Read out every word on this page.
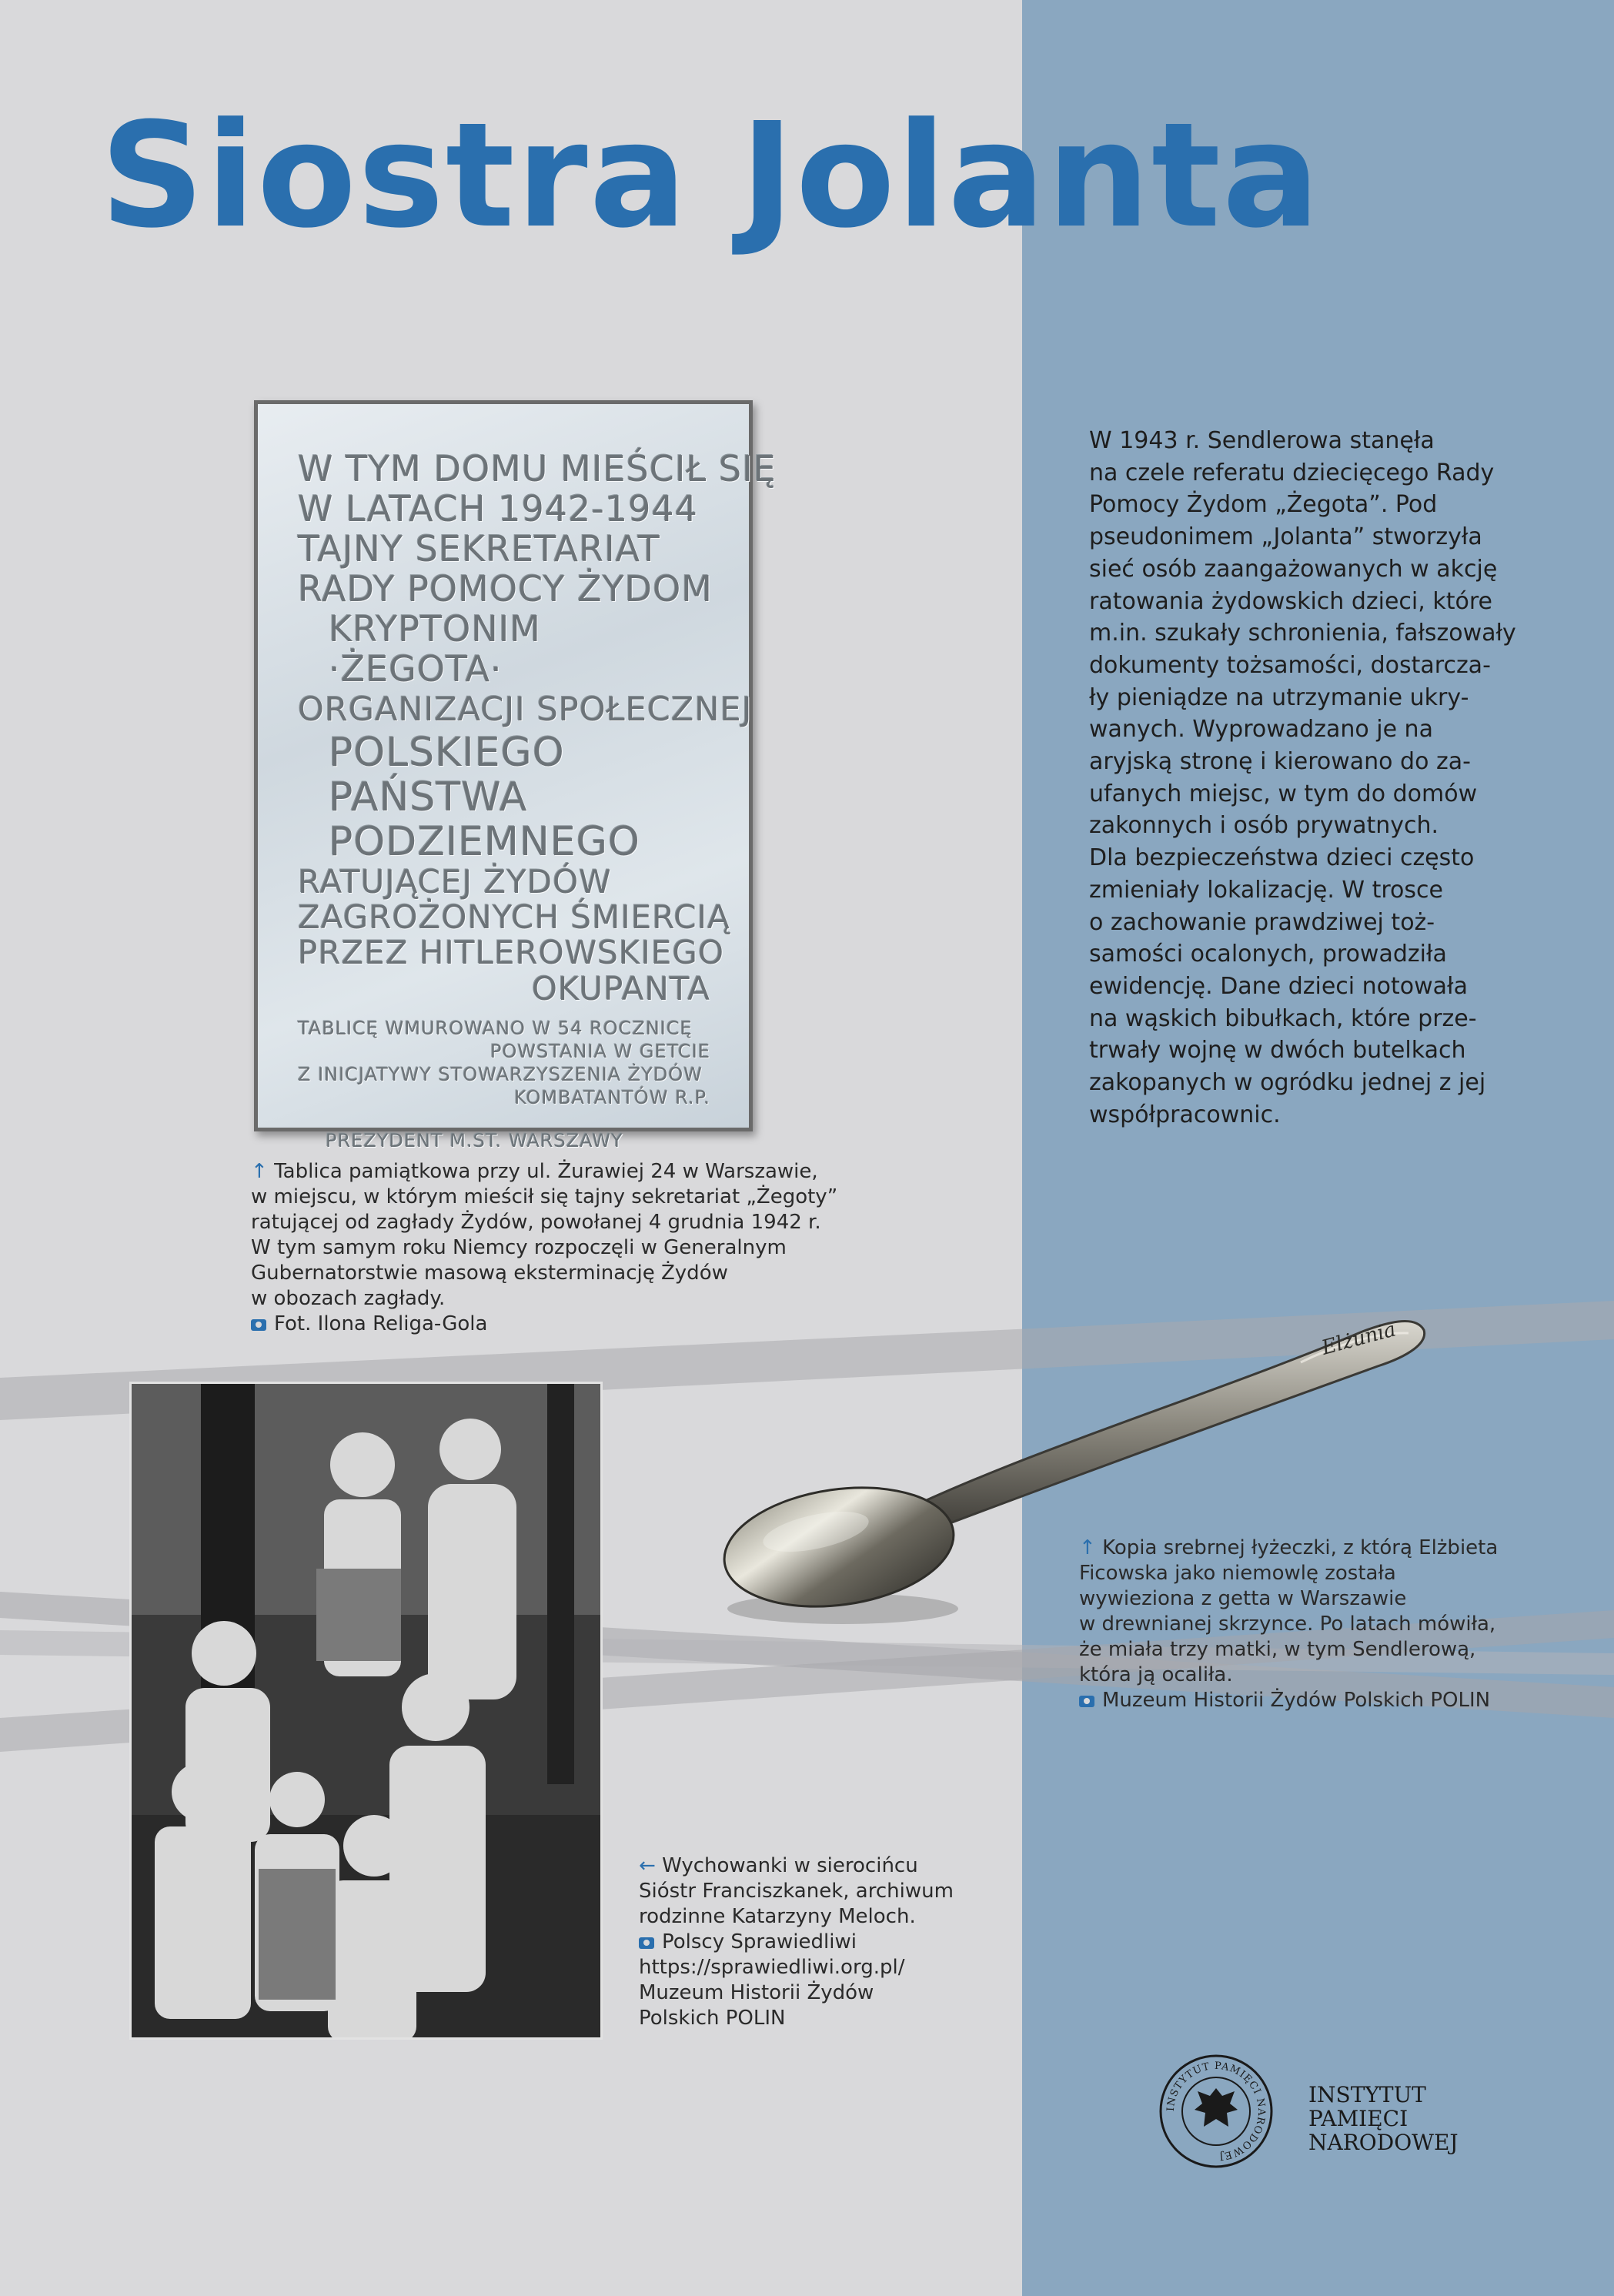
Siostra Jolanta
W TYM DOMU MIEŚCIŁ SIĘ
W LATACH 1942-1944
TAJNY SEKRETARIAT
RADY POMOCY ŻYDOM
KRYPTONIM
·ŻEGOTA·
ORGANIZACJI SPOŁECZNEJ
POLSKIEGO
PAŃSTWA
PODZIEMNEGO
RATUJĄCEJ ŻYDÓW
ZAGROŻONYCH ŚMIERCIĄ
PRZEZ HITLEROWSKIEGO
OKUPANTA
TABLICĘ WMUROWANO W 54 ROCZNICĘ
POWSTANIA W GETCIE
Z INICJATYWY STOWARZYSZENIA ŻYDÓW
KOMBATANTÓW R.P.
PREZYDENT M.ST. WARSZAWY
↑ Tablica pamiątkowa przy ul. Żurawiej 24 w Warszawie,
w miejscu, w którym mieścił się tajny sekretariat „Żegoty”
ratującej od zagłady Żydów, powołanej 4 grudnia 1942 r.
W tym samym roku Niemcy rozpoczęli w Generalnym
Gubernatorstwie masową eksterminację Żydów
w obozach zagłady.
Fot. Ilona Religa-Gola
W 1943 r. Sendlerowa stanęła
na czele referatu dziecięcego Rady
Pomocy Żydom „Żegota”. Pod
pseudonimem „Jolanta” stworzyła
sieć osób zaangażowanych w akcję
ratowania żydowskich dzieci, które
m.in. szukały schronienia, fałszowały
dokumenty tożsamości, dostarcza-
ły pieniądze na utrzymanie ukry-
wanych. Wyprowadzano je na
aryjską stronę i kierowano do za-
ufanych miejsc, w tym do domów
zakonnych i osób prywatnych.
Dla bezpieczeństwa dzieci często
zmieniały lokalizację. W trosce
o zachowanie prawdziwej toż-
samości ocalonych, prowadziła
ewidencję. Dane dzieci notowała
na wąskich bibułkach, które prze-
trwały wojnę w dwóch butelkach
zakopanych w ogródku jednej z jej
współpracownic.
Elżunia
↑ Kopia srebrnej łyżeczki, z którą Elżbieta
Ficowska jako niemowlę została
wywieziona z getta w Warszawie
w drewnianej skrzynce. Po latach mówiła,
że miała trzy matki, w tym Sendlerową,
która ją ocaliła.
Muzeum Historii Żydów Polskich POLIN
← Wychowanki w sierocińcu
Sióstr Franciszkanek, archiwum
rodzinne Katarzyny Meloch.
Polscy Sprawiedliwi
https://sprawiedliwi.org.pl/
Muzeum Historii Żydów
Polskich POLIN
INSTYTUT PAMIĘCI NARODOWEJ
INSTYTUT
PAMIĘCI
NARODOWEJ
